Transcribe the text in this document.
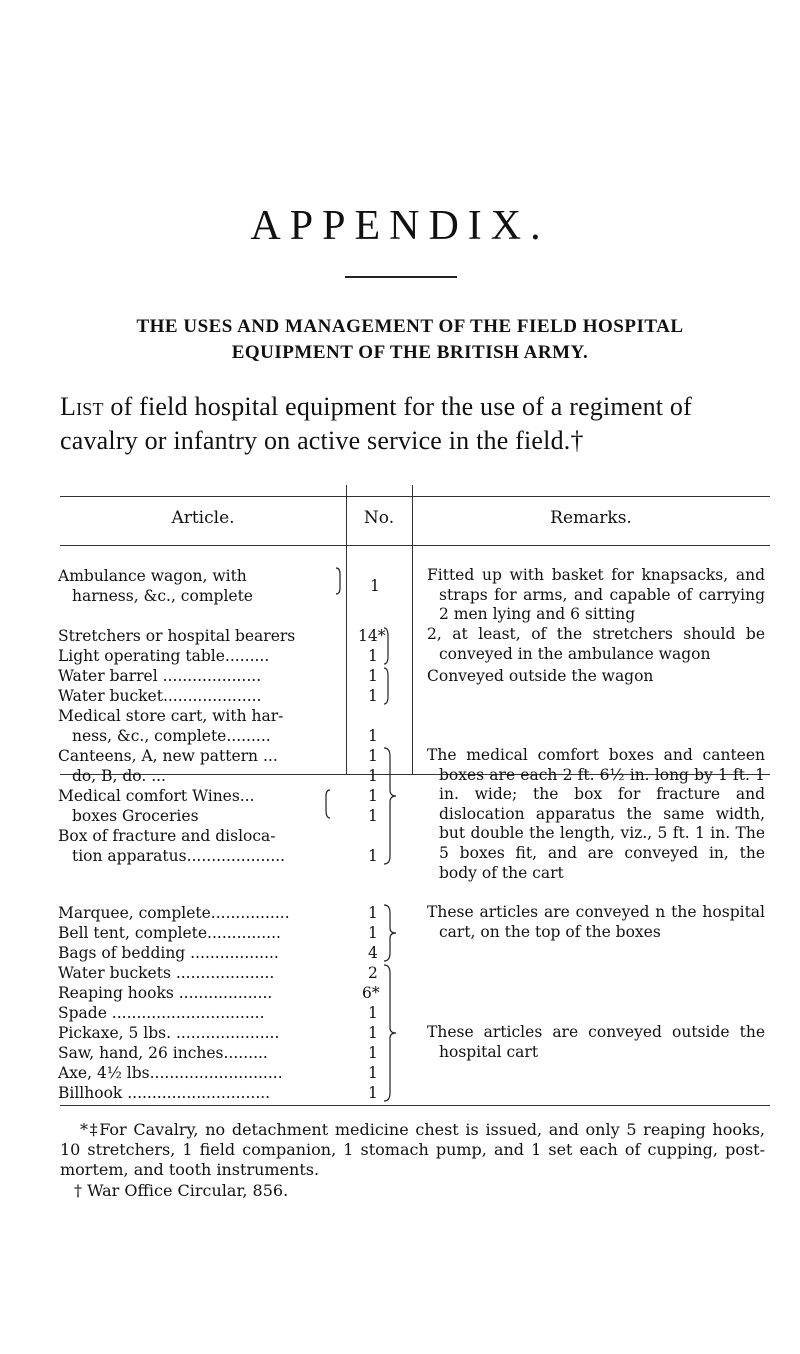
APPENDIX.
THE USES AND MANAGEMENT OF THE FIELD HOSPITAL
EQUIPMENT OF THE BRITISH ARMY.
List of field hospital equipment for the use of a regiment of cavalry or infantry on active service in the field.†
Article.	No.	Remarks.
Ambulance wagon, with
harness, &c., complete
Stretchers or hospital bearers
Light operating table.........
Water barrel ....................
Water bucket....................
Medical store cart, with har-
ness, &c., complete.........
Canteens, A, new pattern ...
do, B, do. ...
Medical comfort Wines...
boxes Groceries
Box of fracture and disloca-
tion apparatus....................
Marquee, complete................
Bell tent, complete...............
Bags of bedding ..................
Water buckets ....................
Reaping hooks ...................
Spade ...............................
Pickaxe, 5 lbs. .....................
Saw, hand, 26 inches.........
Axe, 4½ lbs...........................
Billhook .............................
1
14*
1
1
1
1
1
1
1
1
1
1
1
4
2
6*
1
1
1
1
1
Fitted up with basket for knapsacks, and straps for arms, and capable of carrying 2 men lying and 6 sitting
2, at least, of the stretchers should be conveyed in the ambulance wagon
Conveyed outside the wagon
The medical comfort boxes and canteen boxes are each 2 ft. 6½ in. long by 1 ft. 1 in. wide; the box for fracture and dislocation apparatus the same width, but double the length, viz., 5 ft. 1 in. The 5 boxes fit, and are conveyed in, the body of the cart
These articles are conveyed n the hospital cart, on the top of the boxes
These articles are conveyed outside the hospital cart
*‡For Cavalry, no detachment medicine chest is issued, and only 5 reaping hooks, 10 stretchers, 1 field companion, 1 stomach pump, and 1 set each of cupping, post-mortem, and tooth instruments.
† War Office Circular, 856.
